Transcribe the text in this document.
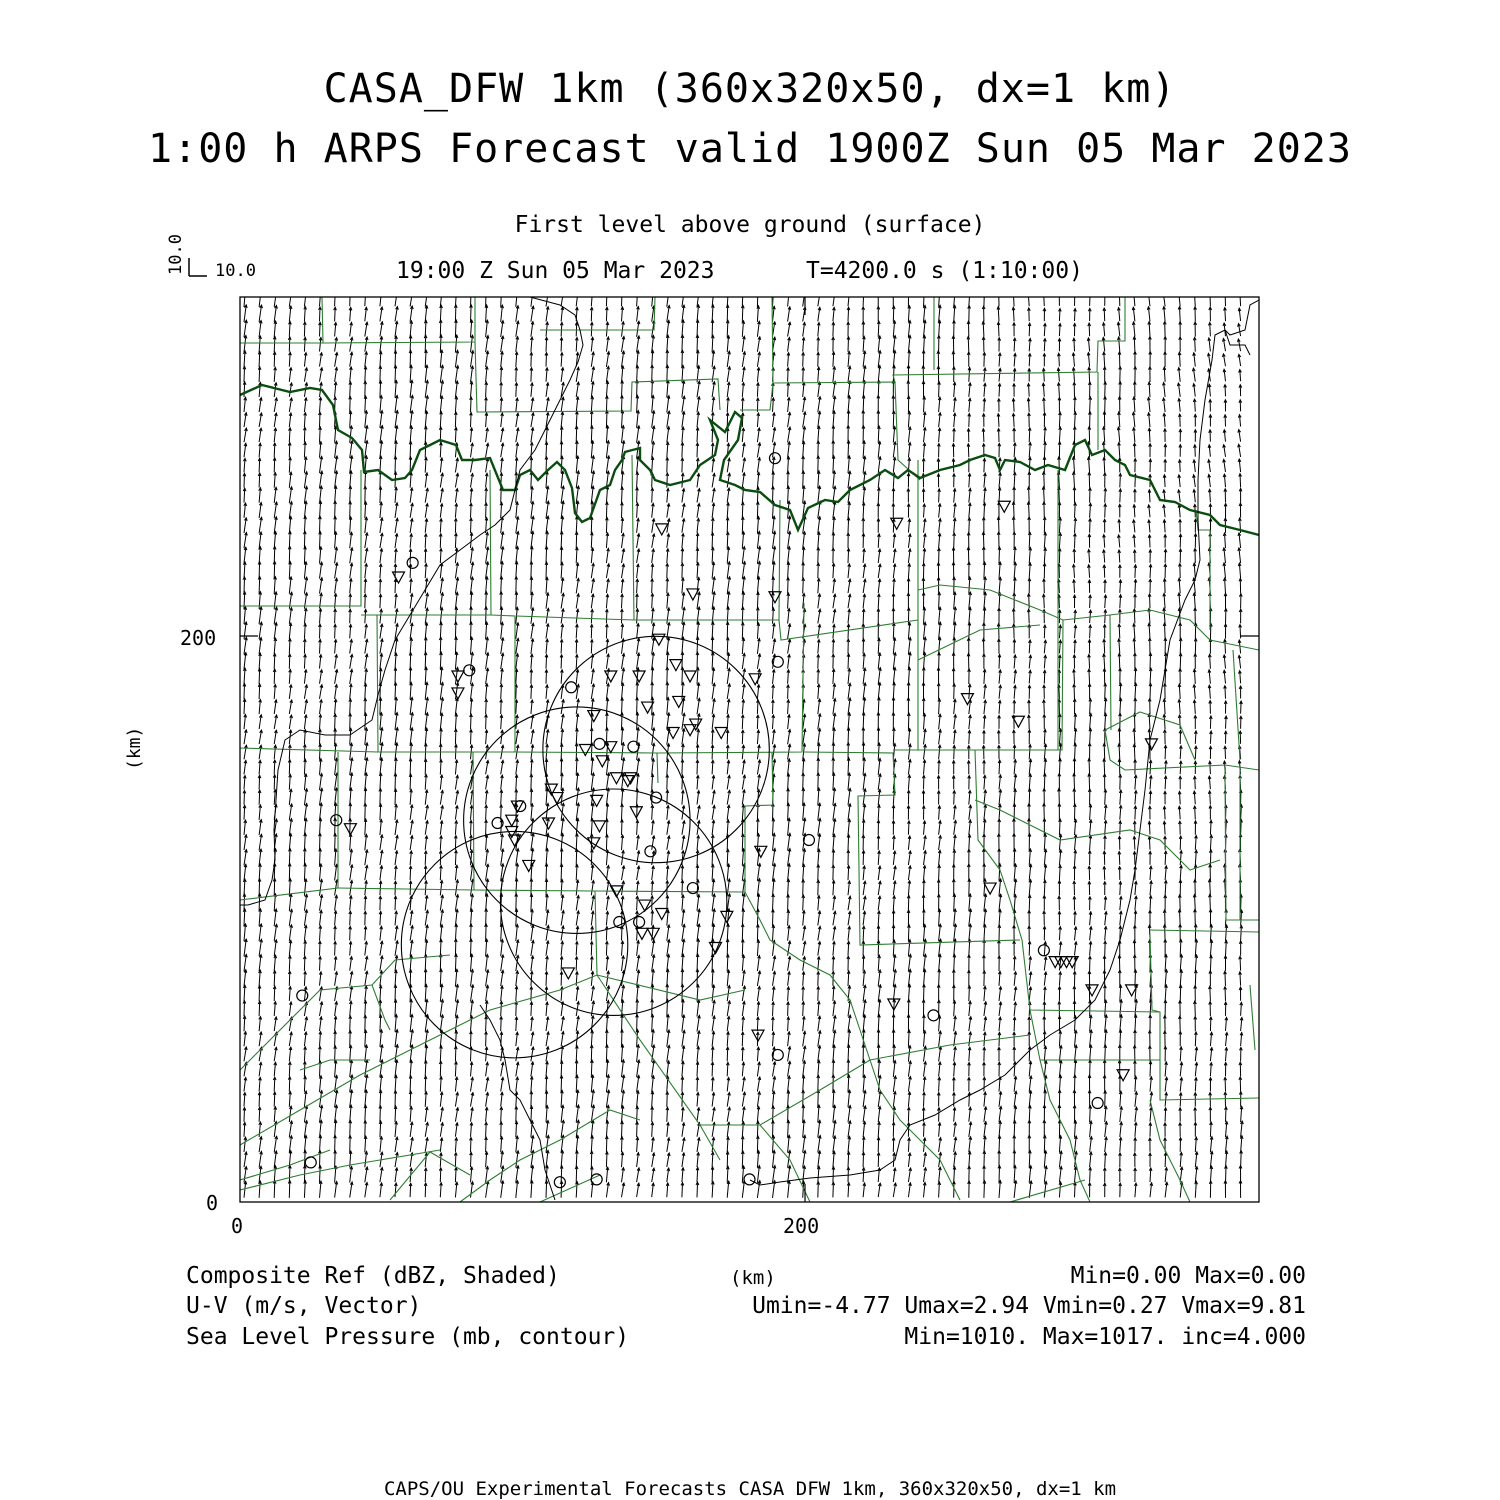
CASA_DFW 1km (360x320x50, dx=1 km)
1:00 h ARPS Forecast valid 1900Z Sun 05 Mar 2023
First level above ground (surface)
19:00 Z Sun 05 Mar 2023	T=4200.0 s (1:10:00)
10.0 10.0
200
0
0	200
(km)
Composite Ref (dBZ, Shaded)	Min=0.00 Max=0.00
(km)
U-V (m/s, Vector)	Umin=-4.77 Umax=2.94 Vmin=0.27 Vmax=9.81
Sea Level Pressure (mb, contour)	Min=1010. Max=1017. inc=4.000
CAPS/OU Experimental Forecasts CASA DFW 1km, 360x320x50, dx=1 km
